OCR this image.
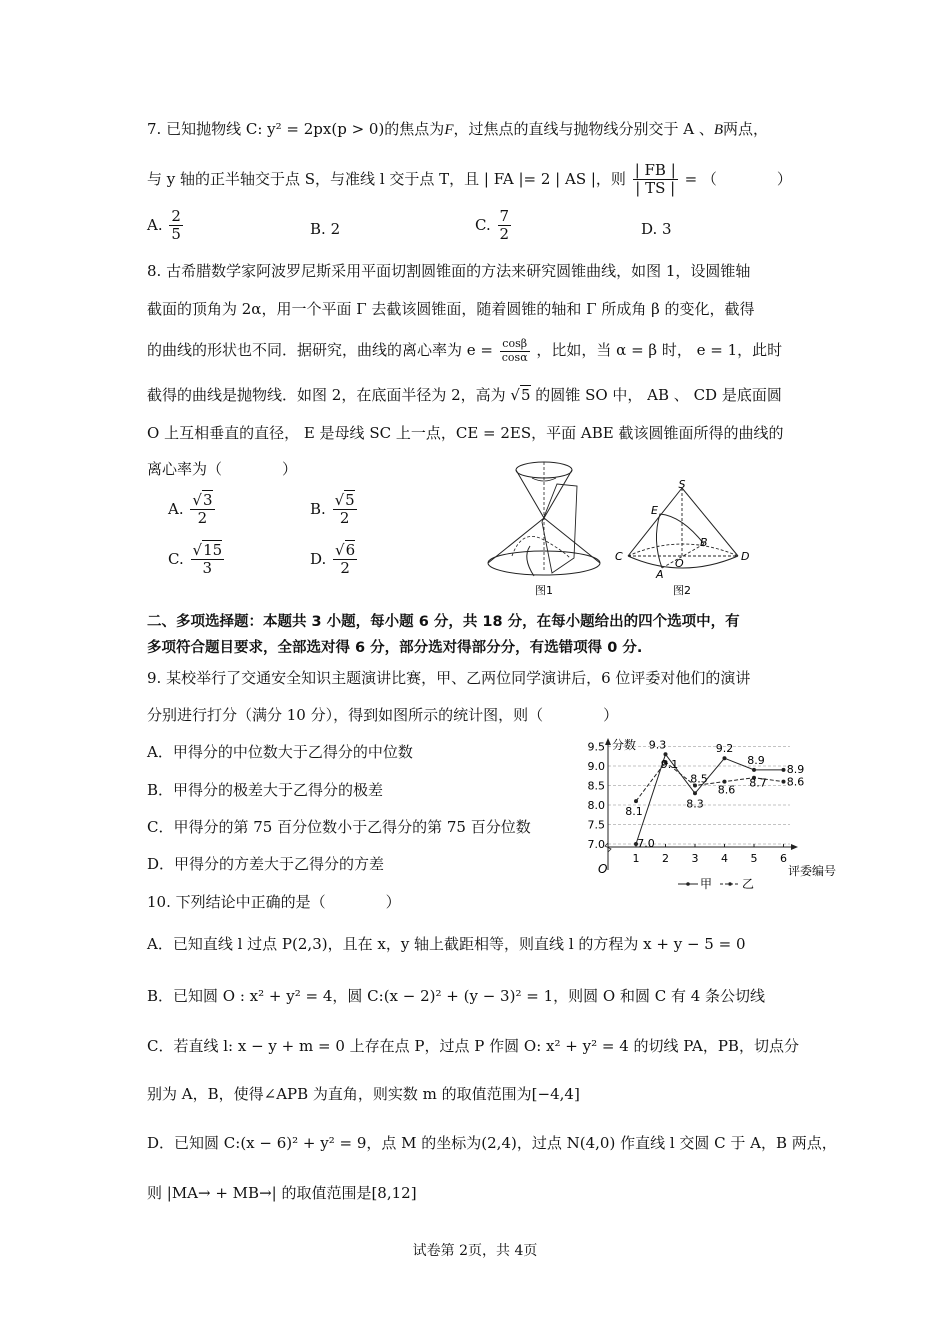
7. 已知抛物线 C: y² = 2px(p > 0)的焦点为F，过焦点的直线与抛物线分别交于 A 、B两点，
与 y 轴的正半轴交于点 S，与准线 l 交于点 T，且 | FA |= 2 | AS |，则 $\frac{| FB |}{| TS |}$ = （　　　　）
A. $\frac{2}{5}$	B. 2	C. $\frac{7}{2}$	D. 3
8. 古希腊数学家阿波罗尼斯采用平面切割圆锥面的方法来研究圆锥曲线，如图 1，设圆锥轴
截面的顶角为 2α，用一个平面 Γ 去截该圆锥面，随着圆锥的轴和 Γ 所成角 β 的变化，截得
的曲线的形状也不同．据研究，曲线的离心率为 $e = \frac{\cos\beta}{\cos\alpha}$ ，比如，当 α = β 时， e = 1，此时
截得的曲线是抛物线．如图 2，在底面半径为 2，高为 √5 的圆锥 SO 中， AB 、 CD 是底面圆
O 上互相垂直的直径， E 是母线 SC 上一点，CE = 2ES，平面 ABE 截该圆锥面所得的曲线的
离心率为（　　　　）
A. $\frac{√3}{2}$	B. $\frac{√5}{2}$
C. $\frac{√15}{3}$	D. $\frac{√6}{2}$
图1
S
E
B
C
O
D
A
图2
二、多项选择题：本题共 3 小题，每小题 6 分，共 18 分，在每小题给出的四个选项中，有
多项符合题目要求，全部选对得 6 分，部分选对得部分分，有选错项得 0 分.
9. 某校举行了交通安全知识主题演讲比赛，甲、乙两位同学演讲后，6 位评委对他们的演讲
分别进行打分（满分 10 分），得到如图所示的统计图，则（　　　　）
A．甲得分的中位数大于乙得分的中位数
B．甲得分的极差大于乙得分的极差
C．甲得分的第 75 百分位数小于乙得分的第 75 百分位数
D．甲得分的方差大于乙得分的方差
分数
评委编号
O
7.0
7.5
8.0
8.5
9.0
9.5
1 2 3 4 5 6
7.0
9.3
8.3
9.2
8.9
8.9
8.1
9.1
8.5
8.6
8.7 8.6
甲 乙
10. 下列结论中正确的是（　　　　）
A．已知直线 l 过点 P(2,3)，且在 x，y 轴上截距相等，则直线 l 的方程为 x + y − 5 = 0
B．已知圆 O : x² + y² = 4，圆 C:(x − 2)² + (y − 3)² = 1，则圆 O 和圆 C 有 4 条公切线
C．若直线 l: x − y + m = 0 上存在点 P，过点 P 作圆 O: x² + y² = 4 的切线 PA，PB，切点分
别为 A，B，使得∠APB 为直角，则实数 m 的取值范围为[−4,4]
D．已知圆 C:(x − 6)² + y² = 9，点 M 的坐标为(2,4)，过点 N(4,0) 作直线 l 交圆 C 于 A，B 两点，
则 |MA→ + MB→| 的取值范围是[8,12]
试卷第 2页，共 4页
